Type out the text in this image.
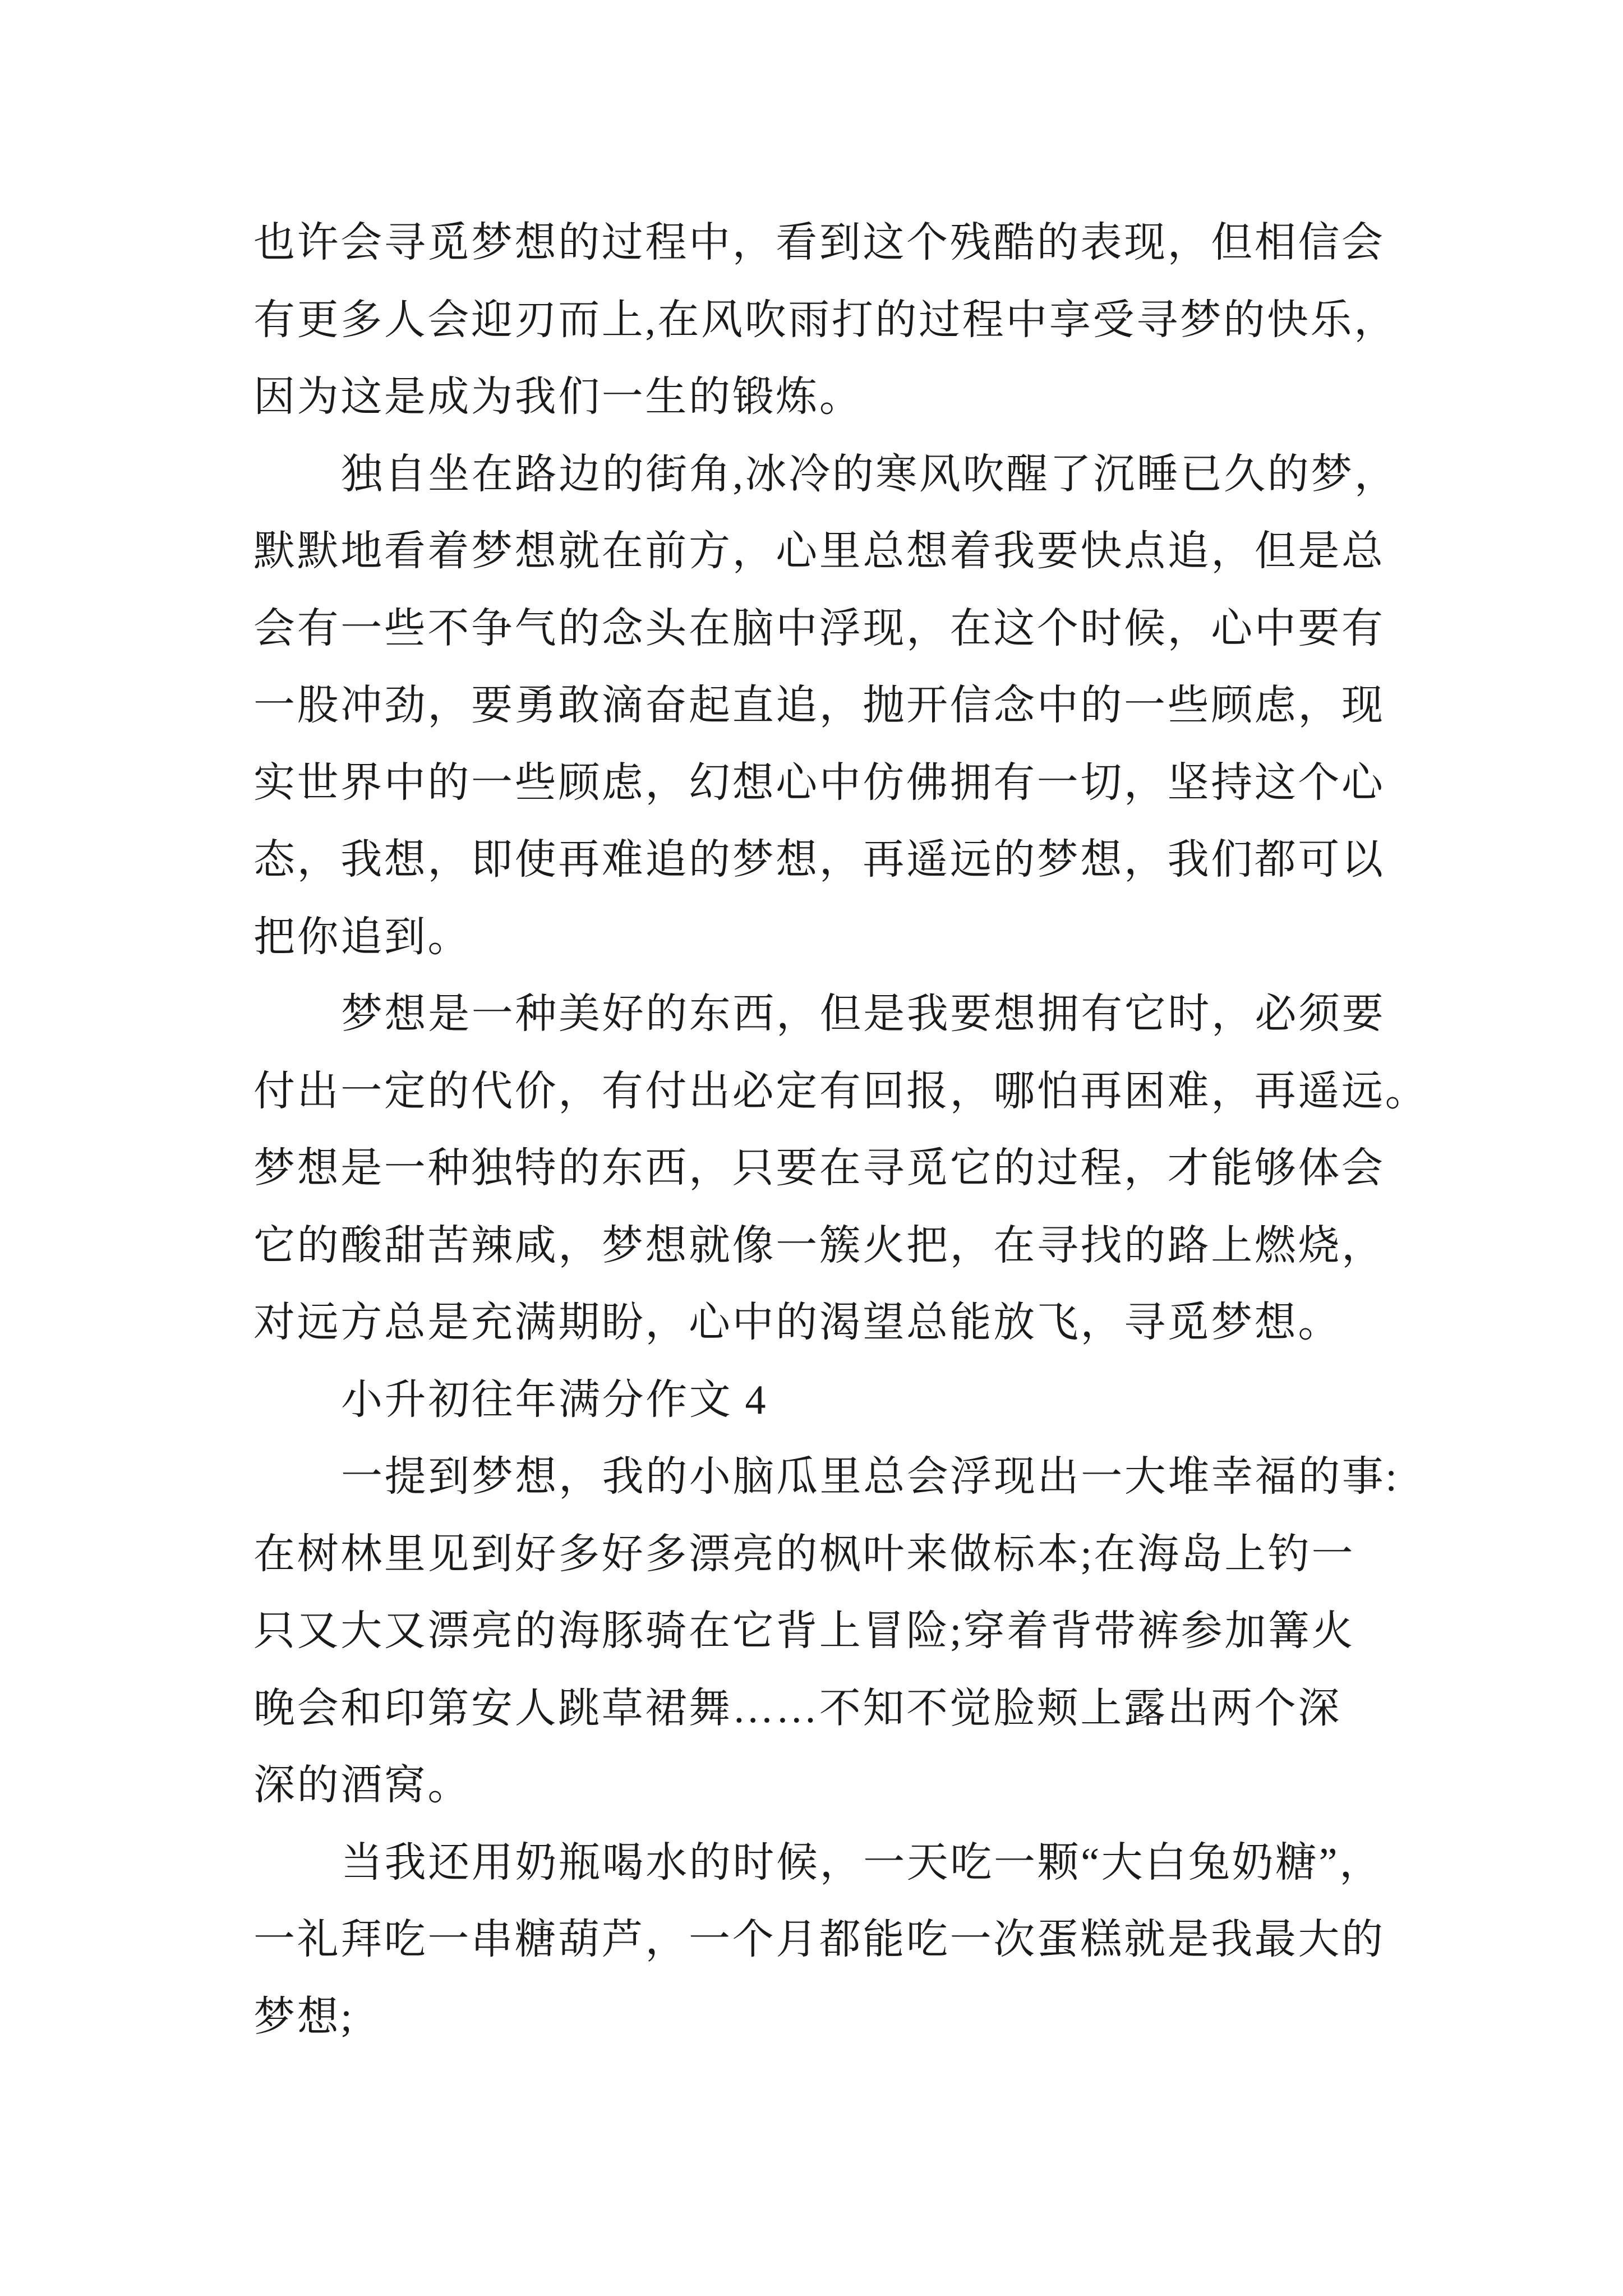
也许会寻觅梦想的过程中，看到这个残酷的表现，但相信会
有更多人会迎刃而上,在风吹雨打的过程中享受寻梦的快乐，
因为这是成为我们一生的锻炼。
独自坐在路边的街角,冰冷的寒风吹醒了沉睡已久的梦，
默默地看着梦想就在前方，心里总想着我要快点追，但是总
会有一些不争气的念头在脑中浮现，在这个时候，心中要有
一股冲劲，要勇敢滴奋起直追，抛开信念中的一些顾虑，现
实世界中的一些顾虑，幻想心中仿佛拥有一切，坚持这个心
态，我想，即使再难追的梦想，再遥远的梦想，我们都可以
把你追到。
梦想是一种美好的东西，但是我要想拥有它时，必须要
付出一定的代价，有付出必定有回报，哪怕再困难，再遥远。
梦想是一种独特的东西，只要在寻觅它的过程，才能够体会
它的酸甜苦辣咸，梦想就像一簇火把，在寻找的路上燃烧，
对远方总是充满期盼，心中的渴望总能放飞，寻觅梦想。
小升初往年满分作文 4
一提到梦想，我的小脑瓜里总会浮现出一大堆幸福的事:
在树林里见到好多好多漂亮的枫叶来做标本;在海岛上钓一
只又大又漂亮的海豚骑在它背上冒险;穿着背带裤参加篝火
晚会和印第安人跳草裙舞……不知不觉脸颊上露出两个深
深的酒窝。
当我还用奶瓶喝水的时候，一天吃一颗“大白兔奶糖”，
一礼拜吃一串糖葫芦，一个月都能吃一次蛋糕就是我最大的
梦想;
